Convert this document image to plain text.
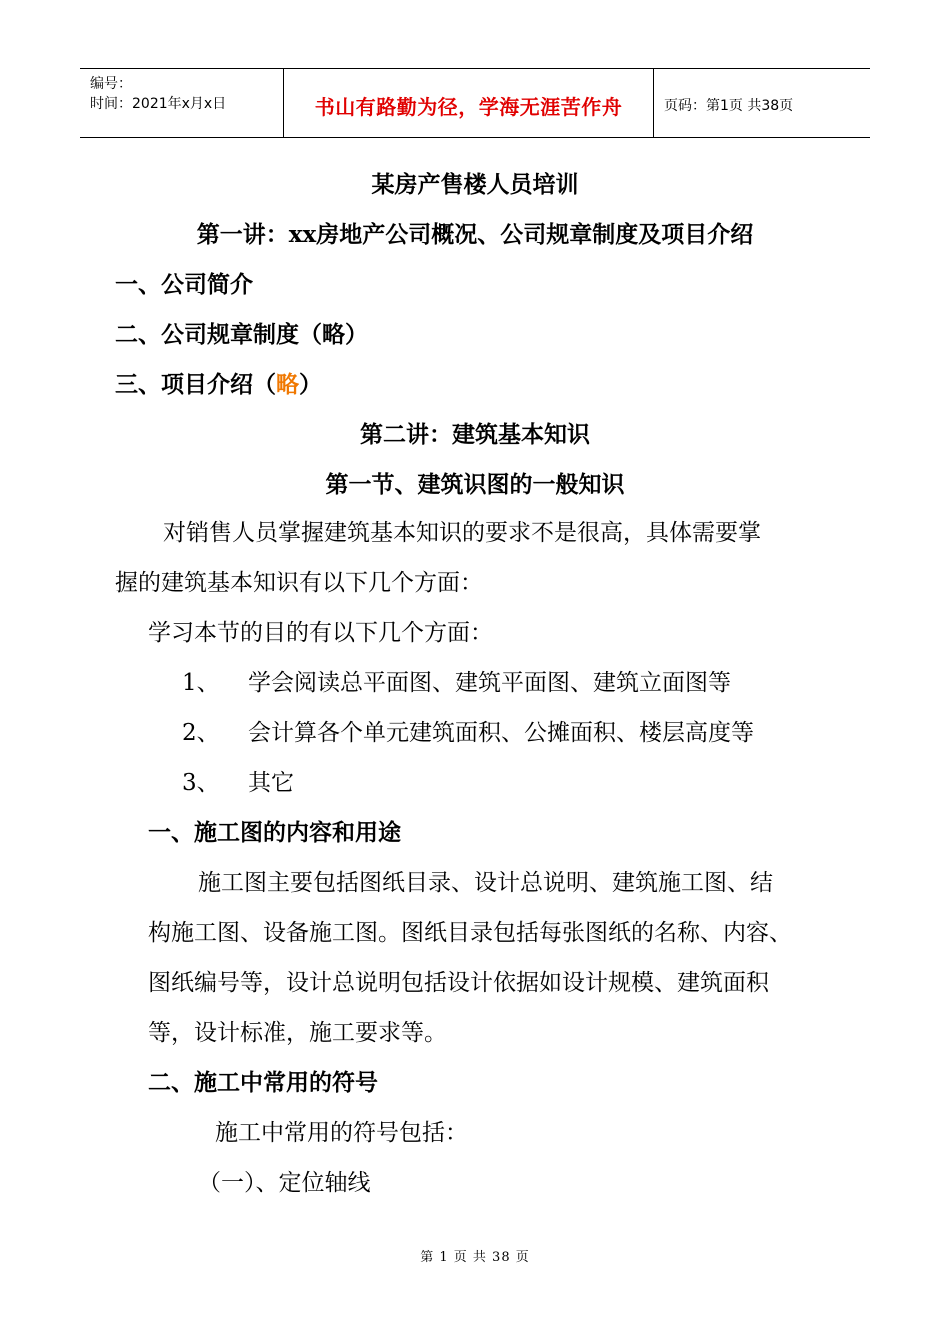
编号：
时间：2021年x月x日	书山有路勤为径，学海无涯苦作舟	页码：第1页 共38页
某房产售楼人员培训
第一讲：xx房地产公司概况、公司规章制度及项目介绍
一、公司简介
二、公司规章制度（略）
三、项目介绍（略）
第二讲：建筑基本知识
第一节、建筑识图的一般知识
对销售人员掌握建筑基本知识的要求不是很高，具体需要掌
握的建筑基本知识有以下几个方面：
学习本节的目的有以下几个方面：
1、 学会阅读总平面图、建筑平面图、建筑立面图等
2、 会计算各个单元建筑面积、公摊面积、楼层高度等
3、 其它
一、施工图的内容和用途
施工图主要包括图纸目录、设计总说明、建筑施工图、结
构施工图、设备施工图。图纸目录包括每张图纸的名称、内容、
图纸编号等，设计总说明包括设计依据如设计规模、建筑面积
等，设计标准，施工要求等。
二、施工中常用的符号
施工中常用的符号包括：
（一）、定位轴线
第 1 页 共 38 页
